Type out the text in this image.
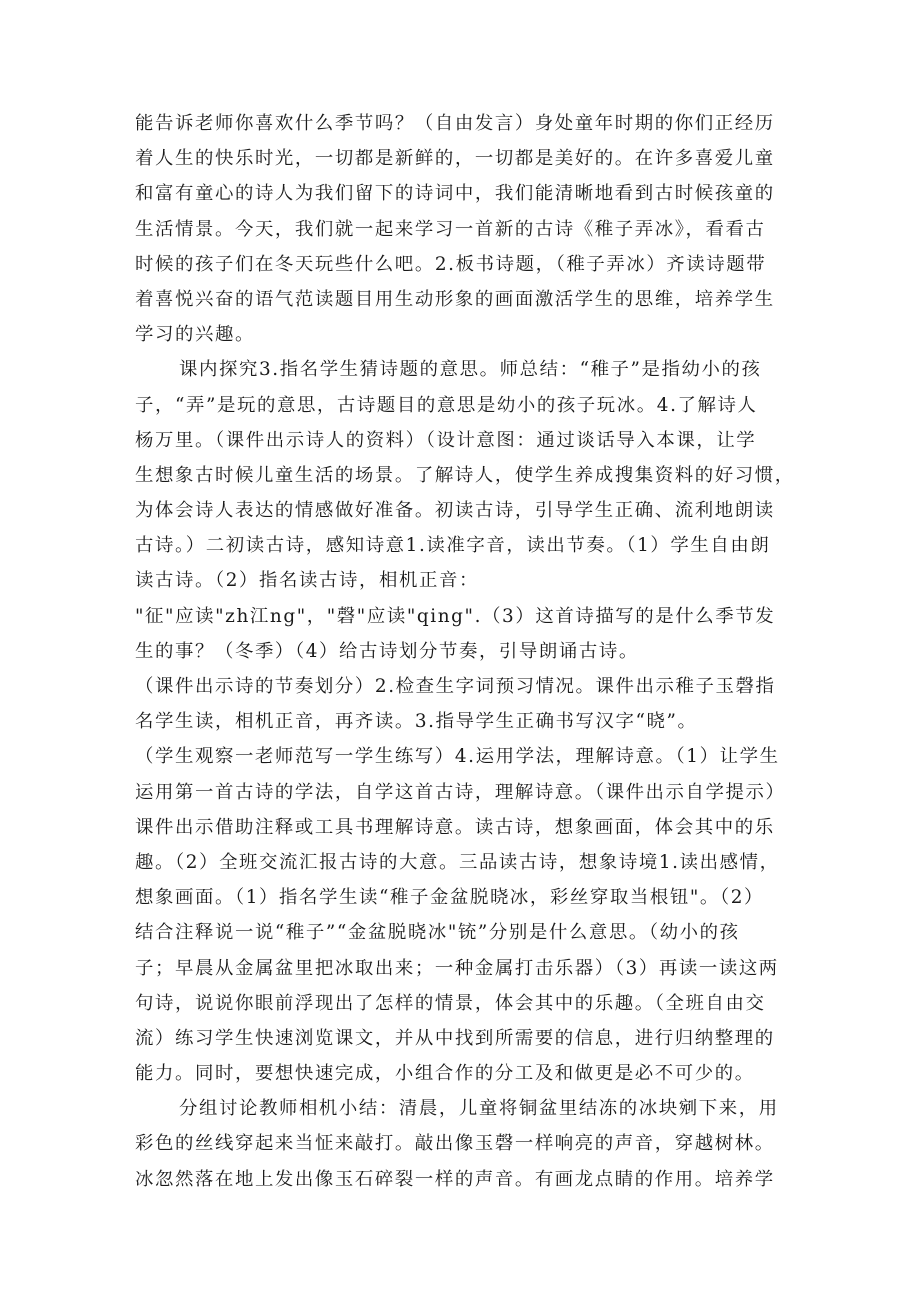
能告诉老师你喜欢什么季节吗？（自由发言）身处童年时期的你们正经历
着人生的快乐时光，一切都是新鲜的，一切都是美好的。在许多喜爱儿童
和富有童心的诗人为我们留下的诗词中，我们能清晰地看到古时候孩童的
生活情景。今天，我们就一起来学习一首新的古诗《稚子弄冰》，看看古
时候的孩子们在冬天玩些什么吧。2.板书诗题，（稚子弄冰）齐读诗题带
着喜悦兴奋的语气范读题目用生动形象的画面激活学生的思维，培养学生
学习的兴趣。
课内探究3.指名学生猜诗题的意思。师总结：“稚子”是指幼小的孩
子，“弄”是玩的意思，古诗题目的意思是幼小的孩子玩冰。4.了解诗人
杨万里。（课件出示诗人的资料）（设计意图：通过谈话导入本课，让学
生想象古时候儿童生活的场景。了解诗人，使学生养成搜集资料的好习惯，
为体会诗人表达的情感做好准备。初读古诗，引导学生正确、流利地朗读
古诗。）二初读古诗，感知诗意1.读准字音，读出节奏。（1）学生自由朗
读古诗。（2）指名读古诗，相机正音：
"征"应读"zh江ng"，"磬"应读"qing".（3）这首诗描写的是什么季节发
生的事？（冬季）（4）给古诗划分节奏，引导朗诵古诗。
（课件出示诗的节奏划分）2.检查生字词预习情况。课件出示稚子玉磬指
名学生读，相机正音，再齐读。3.指导学生正确书写汉字“晓”。
（学生观察一老师范写一学生练写）4.运用学法，理解诗意。（1）让学生
运用第一首古诗的学法，自学这首古诗，理解诗意。（课件出示自学提示）
课件出示借助注释或工具书理解诗意。读古诗，想象画面，体会其中的乐
趣。（2）全班交流汇报古诗的大意。三品读古诗，想象诗境1.读出感情，
想象画面。（1）指名学生读“稚子金盆脱晓冰，彩丝穿取当根钮"。（2）
结合注释说一说“稚子”“金盆脱晓冰"铳”分别是什么意思。（幼小的孩
子；早晨从金属盆里把冰取出来；一种金属打击乐器）（3）再读一读这两
句诗，说说你眼前浮现出了怎样的情景，体会其中的乐趣。（全班自由交
流）练习学生快速浏览课文，并从中找到所需要的信息，进行归纳整理的
能力。同时，要想快速完成，小组合作的分工及和做更是必不可少的。
分组讨论教师相机小结：清晨，儿童将铜盆里结冻的冰块剜下来，用
彩色的丝线穿起来当怔来敲打。敲出像玉磬一样响亮的声音，穿越树林。
冰忽然落在地上发出像玉石碎裂一样的声音。有画龙点睛的作用。培养学
